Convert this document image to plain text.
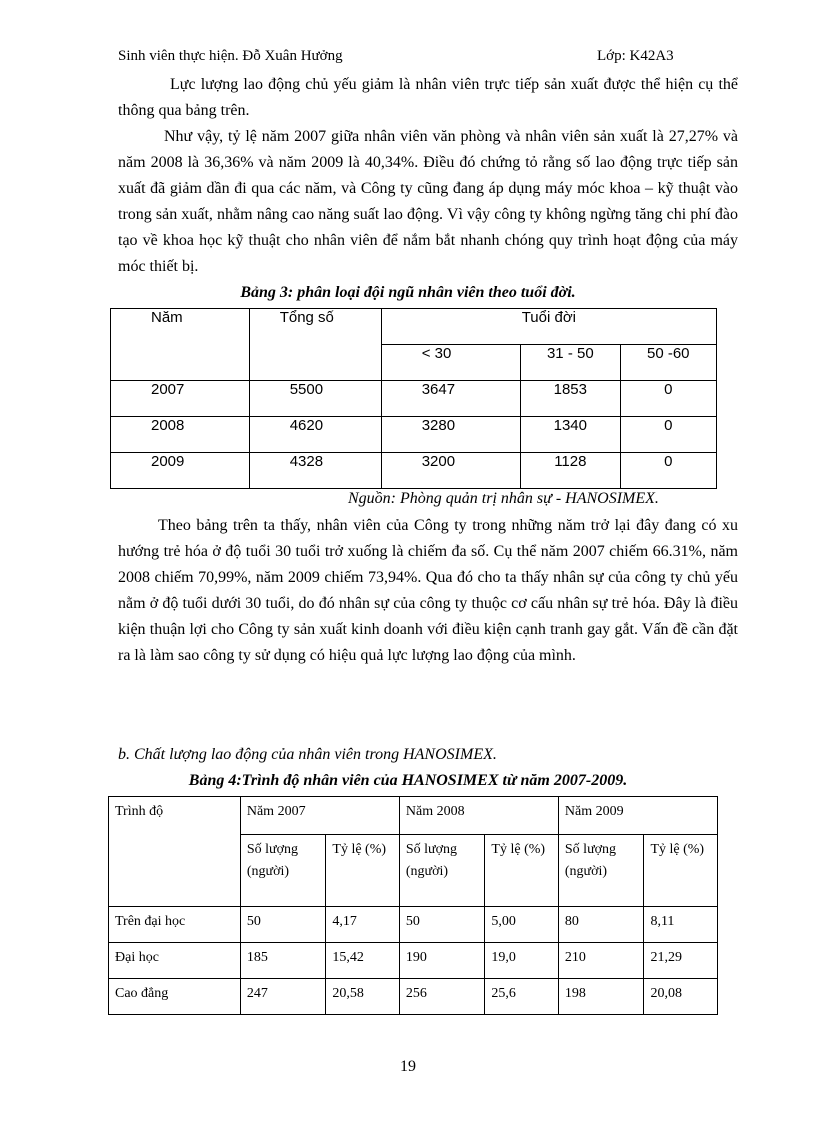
Sinh viên thực hiện. Đỗ Xuân Hưởng	Lớp: K42A3
Lực lượng lao động chủ yếu giảm là nhân viên trực tiếp sản xuất được thể hiện cụ thể thông qua bảng trên.
Như vậy, tỷ lệ năm 2007 giữa nhân viên văn phòng và nhân viên sản xuất là 27,27% và năm 2008 là 36,36% và năm 2009 là 40,34%. Điều đó chứng tỏ rằng số lao động trực tiếp sản xuất đã giảm dần đi qua các năm, và Công ty cũng đang áp dụng máy móc khoa – kỹ thuật vào trong sản xuất, nhằm nâng cao năng suất lao động. Vì vậy công ty không ngừng tăng chi phí đào tạo về khoa học kỹ thuật cho nhân viên để nắm bắt nhanh chóng quy trình hoạt động của máy móc thiết bị.
Bảng 3: phân loại đội ngũ nhân viên theo tuổi đời.
Năm	Tổng số	Tuổi đời		
		< 30	31 - 50	50 -60
2007	5500	3647	1853	0
2008	4620	3280	1340	0
2009	4328	3200	1128	0
Nguồn: Phòng quản trị nhân sự - HANOSIMEX.
Theo bảng trên ta thấy, nhân viên của Công ty trong những năm trở lại đây đang có xu hướng trẻ hóa ở độ tuổi 30 tuổi trở xuống là chiếm đa số. Cụ thể năm 2007 chiếm 66.31%, năm 2008 chiếm 70,99%, năm 2009 chiếm 73,94%. Qua đó cho ta thấy nhân sự của công ty chủ yếu nằm ở độ tuổi dưới 30 tuổi, do đó nhân sự của công ty thuộc cơ cấu nhân sự trẻ hóa. Đây là điều kiện thuận lợi cho Công ty sản xuất kinh doanh với điều kiện cạnh tranh gay gắt. Vấn đề cần đặt ra là làm sao công ty sử dụng có hiệu quả lực lượng lao động của mình.
b. Chất lượng lao động của nhân viên trong HANOSIMEX.
Bảng 4:Trình độ nhân viên của HANOSIMEX từ năm 2007-2009.
Trình độ	Năm 2007		Năm 2008		Năm 2009	
	Số lượng (người)	Tỷ lệ (%)	Số lượng (người)	Tỷ lệ (%)	Số lượng (người)	Tỷ lệ (%)
Trên đại học	50	4,17	50	5,00	80	8,11
Đại học	185	15,42	190	19,0	210	21,29
Cao đẳng	247	20,58	256	25,6	198	20,08
19
